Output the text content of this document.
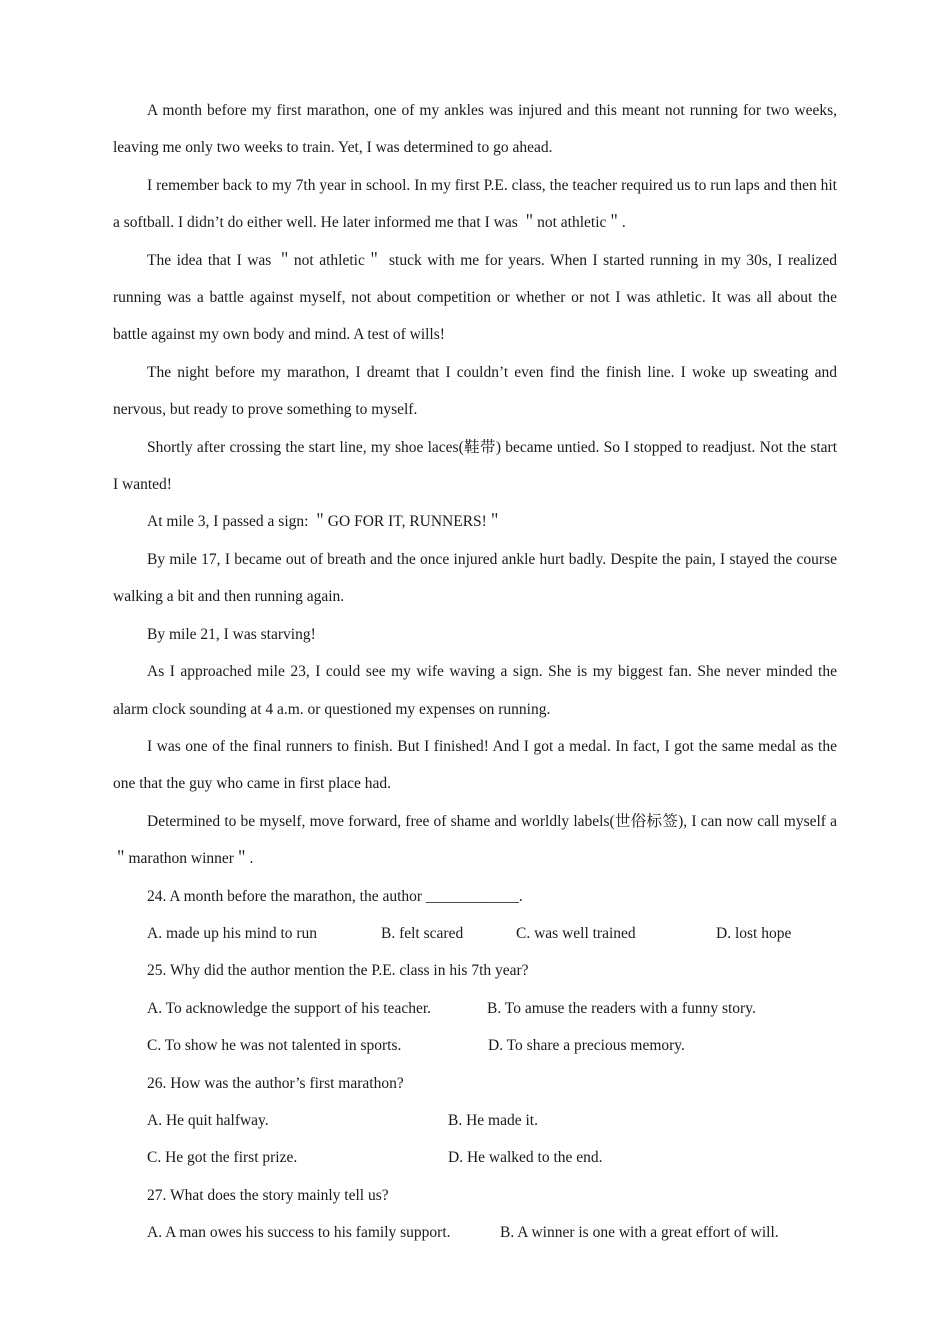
A month before my first marathon, one of my ankles was injured and this meant not running for two weeks, leaving me only two weeks to train. Yet, I was determined to go ahead.

I remember back to my 7th year in school. In my first P.E. class, the teacher required us to run laps and then hit a softball. I didn’t do either well. He later informed me that I was ＂not athletic＂.

The idea that I was ＂not athletic＂ stuck with me for years. When I started running in my 30s, I realized running was a battle against myself, not about competition or whether or not I was athletic. It was all about the battle against my own body and mind. A test of wills!

The night before my marathon, I dreamt that I couldn’t even find the finish line. I woke up sweating and nervous, but ready to prove something to myself.

Shortly after crossing the start line, my shoe laces(鞋带) became untied. So I stopped to readjust. Not the start I wanted!

At mile 3, I passed a sign: ＂GO FOR IT, RUNNERS!＂

By mile 17, I became out of breath and the once injured ankle hurt badly. Despite the pain, I stayed the course walking a bit and then running again.

By mile 21, I was starving!

As I approached mile 23, I could see my wife waving a sign. She is my biggest fan. She never minded the alarm clock sounding at 4 a.m. or questioned my expenses on running.

I was one of the final runners to finish. But I finished! And I got a medal. In fact, I got the same medal as the one that the guy who came in first place had.

Determined to be myself, move forward, free of shame and worldly labels(世俗标签), I can now call myself a ＂marathon winner＂.

24. A month before the marathon, the author ____________.

A. made up his mind to run	B. felt scared	C. was well trained	D. lost hope

25. Why did the author mention the P.E. class in his 7th year?

A. To acknowledge the support of his teacher.	B. To amuse the readers with a funny story.
C. To show he was not talented in sports.	D. To share a precious memory.

26. How was the author’s first marathon?

A. He quit halfway.	B. He made it.
C. He got the first prize.	D. He walked to the end.

27. What does the story mainly tell us?

A. A man owes his success to his family support.	B. A winner is one with a great effort of will.
